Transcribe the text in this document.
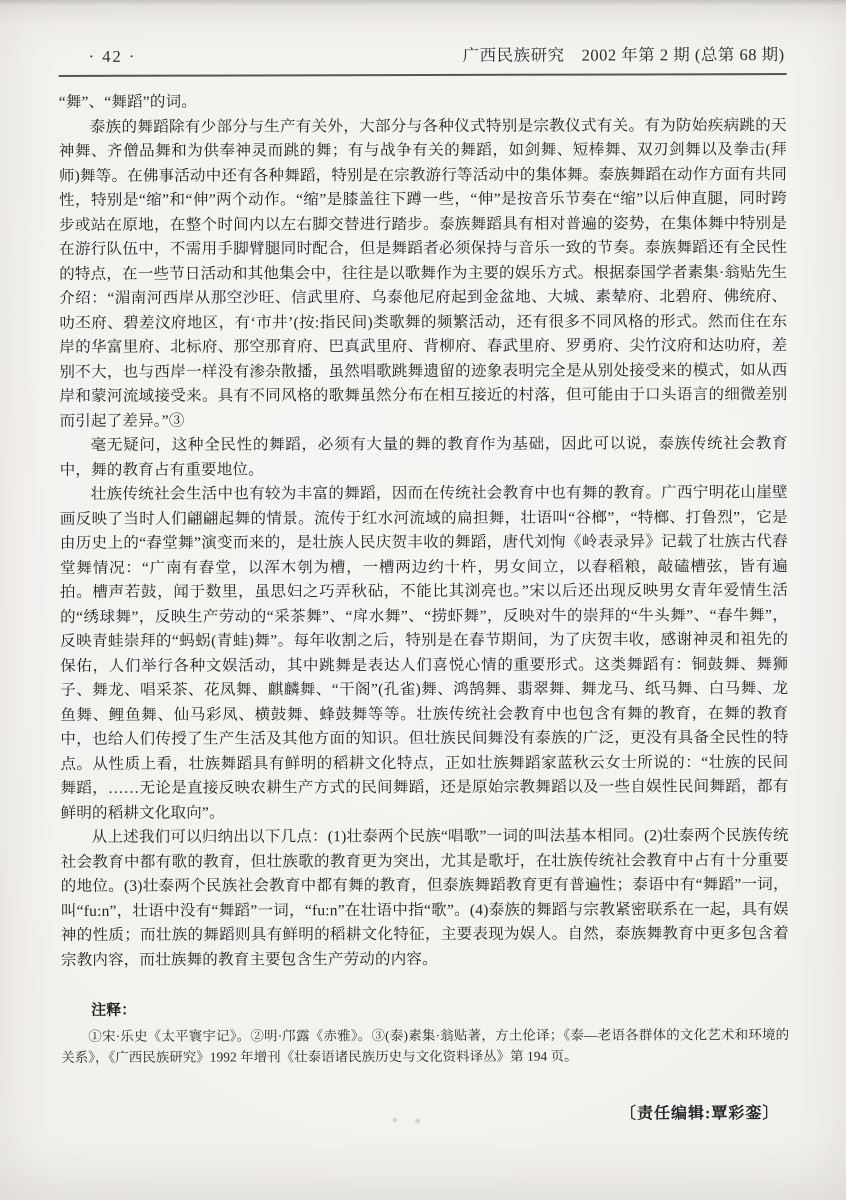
· 42 ·	广西民族研究　2002 年第 2 期 (总第 68 期)

“舞”、“舞蹈”的词。

泰族的舞蹈除有少部分与生产有关外，大部分与各种仪式特别是宗教仪式有关。有为防始疾病跳的天神舞、齐僧品舞和为供奉神灵而跳的舞；有与战争有关的舞蹈，如剑舞、短棒舞、双刃剑舞以及拳击(拜师)舞等。在佛事活动中还有各种舞蹈，特别是在宗教游行等活动中的集体舞。泰族舞蹈在动作方面有共同性，特别是“缩”和“伸”两个动作。“缩”是膝盖往下蹲一些，“伸”是按音乐节奏在“缩”以后伸直腿，同时跨步或站在原地，在整个时间内以左右脚交替进行踏步。泰族舞蹈具有相对普遍的姿势，在集体舞中特别是在游行队伍中，不需用手脚臂腿同时配合，但是舞蹈者必须保持与音乐一致的节奏。泰族舞蹈还有全民性的特点，在一些节日活动和其他集会中，往往是以歌舞作为主要的娱乐方式。根据泰国学者素集·翁贴先生介绍：“湄南河西岸从那空沙旺、信武里府、乌泰他尼府起到金盆地、大城、素辇府、北碧府、佛统府、叻丕府、碧差汶府地区，有‘市井’(按:指民间)类歌舞的频繁活动，还有很多不同风格的形式。然而住在东岸的华富里府、北标府、那空那育府、巴真武里府、背柳府、春武里府、罗勇府、尖竹汶府和达叻府，差别不大，也与西岸一样没有渗杂散播，虽然唱歌跳舞遗留的迹象表明完全是从别处接受来的模式，如从西岸和蒙河流域接受来。具有不同风格的歌舞虽然分布在相互接近的村落，但可能由于口头语言的细微差别而引起了差异。”③

毫无疑问，这种全民性的舞蹈，必须有大量的舞的教育作为基础，因此可以说，泰族传统社会教育中，舞的教育占有重要地位。

壮族传统社会生活中也有较为丰富的舞蹈，因而在传统社会教育中也有舞的教育。广西宁明花山崖壁画反映了当时人们翩翩起舞的情景。流传于红水河流域的扁担舞，壮语叫“谷榔”，“特榔、打鲁烈”，它是由历史上的“舂堂舞”演变而来的，是壮族人民庆贺丰收的舞蹈，唐代刘恂《岭表录异》记载了壮族古代舂堂舞情况：“广南有舂堂，以浑木刳为槽，一槽两边约十杵，男女间立，以舂稻粮，敲磕槽弦，皆有遍拍。槽声若鼓，闻于数里，虽思妇之巧弄秋砧，不能比其浏亮也。”宋以后还出现反映男女青年爱情生活的“绣球舞”，反映生产劳动的“采茶舞”、“戽水舞”、“捞虾舞”，反映对牛的崇拜的“牛头舞”、“春牛舞”，反映青蛙崇拜的“蚂𧊅(青蛙)舞”。每年收割之后，特别是在春节期间，为了庆贺丰收，感谢神灵和祖先的保佑，人们举行各种文娱活动，其中跳舞是表达人们喜悦心情的重要形式。这类舞蹈有：铜鼓舞、舞狮子、舞龙、唱采茶、花凤舞、麒麟舞、“干阁”(孔雀)舞、鸿鹄舞、翡翠舞、舞龙马、纸马舞、白马舞、龙鱼舞、鲤鱼舞、仙马彩凤、横鼓舞、蜂鼓舞等等。壮族传统社会教育中也包含有舞的教育，在舞的教育中，也给人们传授了生产生活及其他方面的知识。但壮族民间舞没有泰族的广泛，更没有具备全民性的特点。从性质上看，壮族舞蹈具有鲜明的稻耕文化特点，正如壮族舞蹈家蓝秋云女士所说的：“壮族的民间舞蹈，……无论是直接反映农耕生产方式的民间舞蹈，还是原始宗教舞蹈以及一些自娱性民间舞蹈，都有鲜明的稻耕文化取向”。

从上述我们可以归纳出以下几点：(1)壮泰两个民族“唱歌”一词的叫法基本相同。(2)壮泰两个民族传统社会教育中都有歌的教育，但壮族歌的教育更为突出，尤其是歌圩，在壮族传统社会教育中占有十分重要的地位。(3)壮泰两个民族社会教育中都有舞的教育，但泰族舞蹈教育更有普遍性；泰语中有“舞蹈”一词，叫“fu:n”，壮语中没有“舞蹈”一词，“fu:n”在壮语中指“歌”。(4)泰族的舞蹈与宗教紧密联系在一起，具有娱神的性质；而壮族的舞蹈则具有鲜明的稻耕文化特征，主要表现为娱人。自然，泰族舞教育中更多包含着宗教内容，而壮族舞的教育主要包含生产劳动的内容。

注释：

①宋·乐史《太平寰宇记》。②明·邝露《赤雅》。③(泰)素集·翁贴著，方土伦译；《泰—老语各群体的文化艺术和环境的关系》，《广西民族研究》1992 年增刊《壮泰语诸民族历史与文化资料译丛》第 194 页。

〔责任编辑:覃彩銮〕
